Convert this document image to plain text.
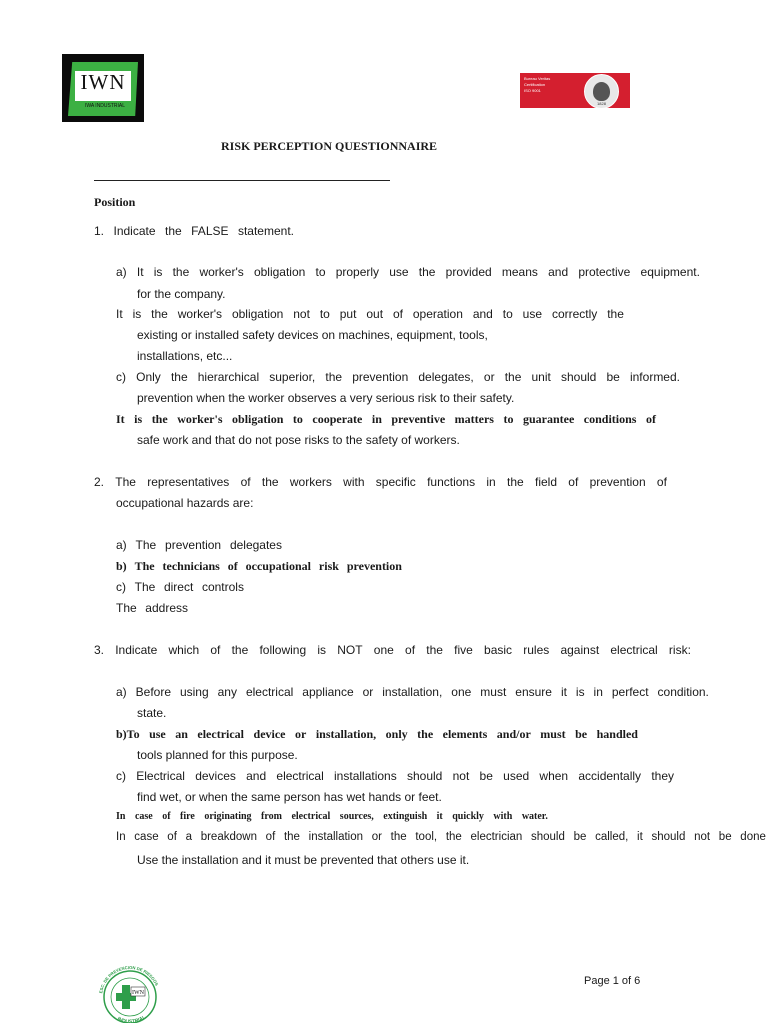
IWN
IWA INDUSTRIAL
Bureau Veritas
Certification
ISO 9001
1828
RISK PERCEPTION QUESTIONNAIRE
Position
1. Indicate the FALSE statement.
a) It is the worker's obligation to properly use the provided means and protective equipment.
for the company.
It is the worker's obligation not to put out of operation and to use correctly the
existing or installed safety devices on machines, equipment, tools,
installations, etc...
c) Only the hierarchical superior, the prevention delegates, or the unit should be informed.
prevention when the worker observes a very serious risk to their safety.
It is the worker's obligation to cooperate in preventive matters to guarantee conditions of
safe work and that do not pose risks to the safety of workers.
2. The representatives of the workers with specific functions in the field of prevention of
occupational hazards are:
a) The prevention delegates
b) The technicians of occupational risk prevention
c) The direct controls
The address
3. Indicate which of the following is NOT one of the five basic rules against electrical risk:
a) Before using any electrical appliance or installation, one must ensure it is in perfect condition.
state.
b)To use an electrical device or installation, only the elements and/or must be handled
tools planned for this purpose.
c) Electrical devices and electrical installations should not be used when accidentally they
find wet, or when the same person has wet hands or feet.
In case of fire originating from electrical sources, extinguish it quickly with water.
In case of a breakdown of the installation or the tool, the electrician should be called, it should not be done
Use the installation and it must be prevented that others use it.
ESC. DE PREVENCION DE RIESGOS
INDUSTRIAL
IWN
Page 1 of 6
